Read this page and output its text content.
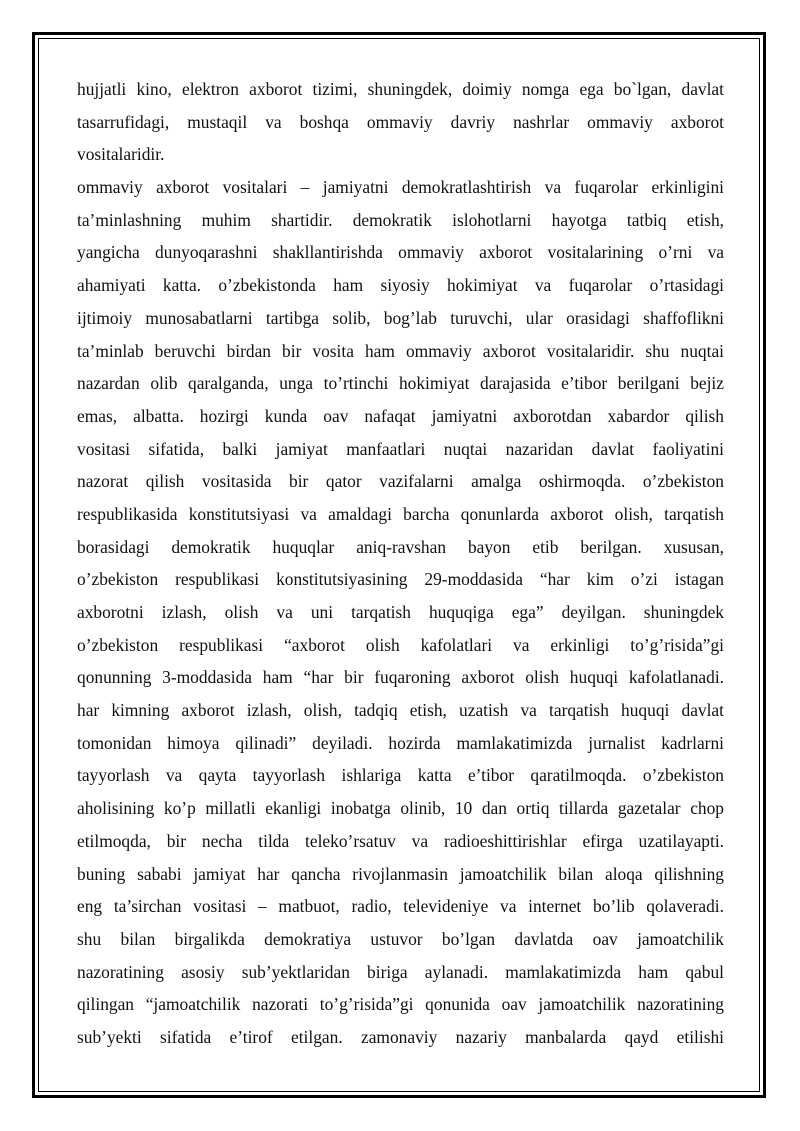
hujjatli kino, elektron axborot tizimi, shuningdek, doimiy nomga ega bo`lgan, davlat
tasarrufidagi, mustaqil va boshqa ommaviy davriy nashrlar ommaviy axborot
vositalaridir.
ommaviy axborot vositalari – jamiyatni demokratlashtirish va fuqarolar erkinligini
ta’minlashning muhim shartidir. demokratik islohotlarni hayotga tatbiq etish,
yangicha dunyoqarashni shakllantirishda ommaviy axborot vositalarining o’rni va
ahamiyati katta. o’zbekistonda ham siyosiy hokimiyat va fuqarolar o’rtasidagi
ijtimoiy munosabatlarni tartibga solib, bog’lab turuvchi, ular orasidagi shaffoflikni
ta’minlab beruvchi birdan bir vosita ham ommaviy axborot vositalaridir. shu nuqtai
nazardan olib qaralganda, unga to’rtinchi hokimiyat darajasida e’tibor berilgani bejiz
emas, albatta. hozirgi kunda oav nafaqat jamiyatni axborotdan xabardor qilish
vositasi sifatida, balki jamiyat manfaatlari nuqtai nazaridan davlat faoliyatini
nazorat qilish vositasida bir qator vazifalarni amalga oshirmoqda. o’zbekiston
respublikasida konstitutsiyasi va amaldagi barcha qonunlarda axborot olish, tarqatish
borasidagi demokratik huquqlar aniq-ravshan bayon etib berilgan. xususan,
o’zbekiston respublikasi konstitutsiyasining 29-moddasida “har kim o’zi istagan
axborotni izlash, olish va uni tarqatish huquqiga ega” deyilgan. shuningdek
o’zbekiston respublikasi “axborot olish kafolatlari va erkinligi to’g’risida”gi
qonunning 3-moddasida ham “har bir fuqaroning axborot olish huquqi kafolatlanadi.
har kimning axborot izlash, olish, tadqiq etish, uzatish va tarqatish huquqi davlat
tomonidan himoya qilinadi” deyiladi. hozirda mamlakatimizda jurnalist kadrlarni
tayyorlash va qayta tayyorlash ishlariga katta e’tibor qaratilmoqda. o’zbekiston
aholisining ko’p millatli ekanligi inobatga olinib, 10 dan ortiq tillarda gazetalar chop
etilmoqda, bir necha tilda teleko’rsatuv va radioeshittirishlar efirga uzatilayapti.
buning sababi jamiyat har qancha rivojlanmasin jamoatchilik bilan aloqa qilishning
eng ta’sirchan vositasi – matbuot, radio, televideniye va internet bo’lib qolaveradi.
shu bilan birgalikda demokratiya ustuvor bo’lgan davlatda oav jamoatchilik
nazoratining asosiy sub’yektlaridan biriga aylanadi. mamlakatimizda ham qabul
qilingan “jamoatchilik nazorati to’g’risida”gi qonunida oav jamoatchilik nazoratining
sub’yekti sifatida e’tirof etilgan. zamonaviy nazariy manbalarda qayd etilishi
